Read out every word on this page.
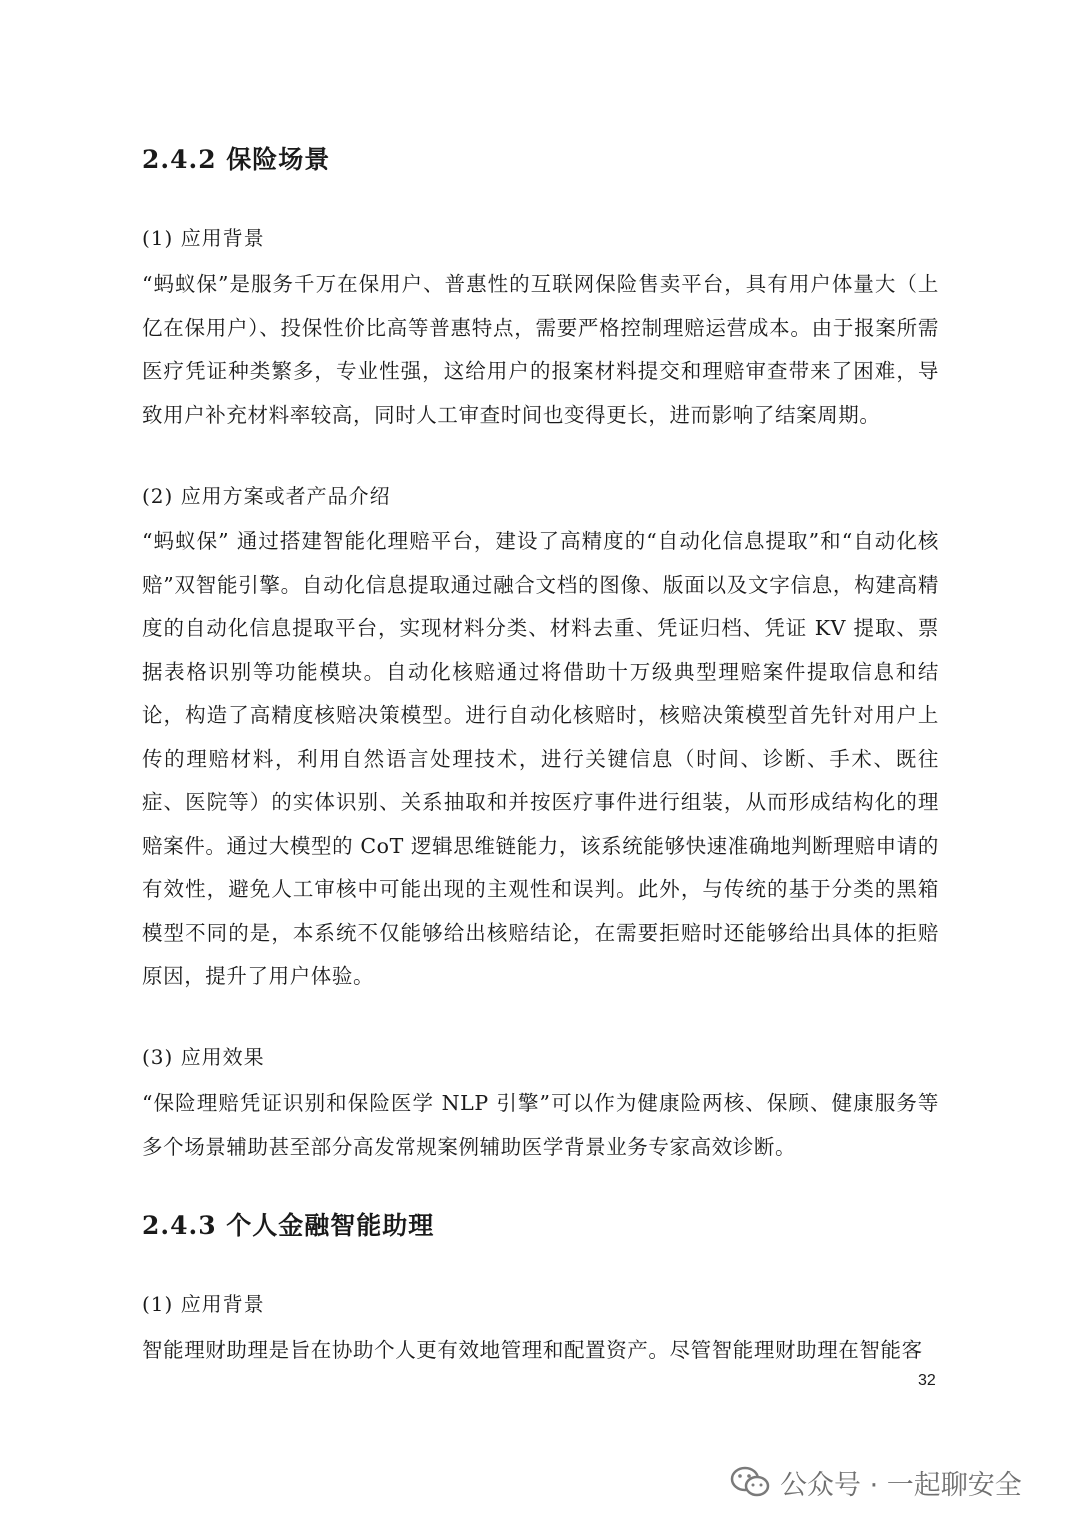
2.4.2 保险场景
(1) 应用背景
“蚂蚁保”是服务千万在保用户、普惠性的互联网保险售卖平台，具有用户体量大（上亿在保用户）、投保性价比高等普惠特点，需要严格控制理赔运营成本。由于报案所需医疗凭证种类繁多，专业性强，这给用户的报案材料提交和理赔审查带来了困难，导致用户补充材料率较高，同时人工审查时间也变得更长，进而影响了结案周期。
(2) 应用方案或者产品介绍
“蚂蚁保” 通过搭建智能化理赔平台，建设了高精度的“自动化信息提取”和“自动化核赔”双智能引擎。自动化信息提取通过融合文档的图像、版面以及文字信息，构建高精度的自动化信息提取平台，实现材料分类、材料去重、凭证归档、凭证 KV 提取、票据表格识别等功能模块。自动化核赔通过将借助十万级典型理赔案件提取信息和结论，构造了高精度核赔决策模型。进行自动化核赔时，核赔决策模型首先针对用户上传的理赔材料，利用自然语言处理技术，进行关键信息（时间、诊断、手术、既往症、医院等）的实体识别、关系抽取和并按医疗事件进行组装，从而形成结构化的理赔案件。通过大模型的 CoT 逻辑思维链能力，该系统能够快速准确地判断理赔申请的有效性，避免人工审核中可能出现的主观性和误判。此外，与传统的基于分类的黑箱模型不同的是，本系统不仅能够给出核赔结论，在需要拒赔时还能够给出具体的拒赔原因，提升了用户体验。
(3) 应用效果
“保险理赔凭证识别和保险医学 NLP 引擎”可以作为健康险两核、保顾、健康服务等多个场景辅助甚至部分高发常规案例辅助医学背景业务专家高效诊断。
2.4.3 个人金融智能助理
(1) 应用背景
智能理财助理是旨在协助个人更有效地管理和配置资产。尽管智能理财助理在智能客
32
公众号 · 一起聊安全
